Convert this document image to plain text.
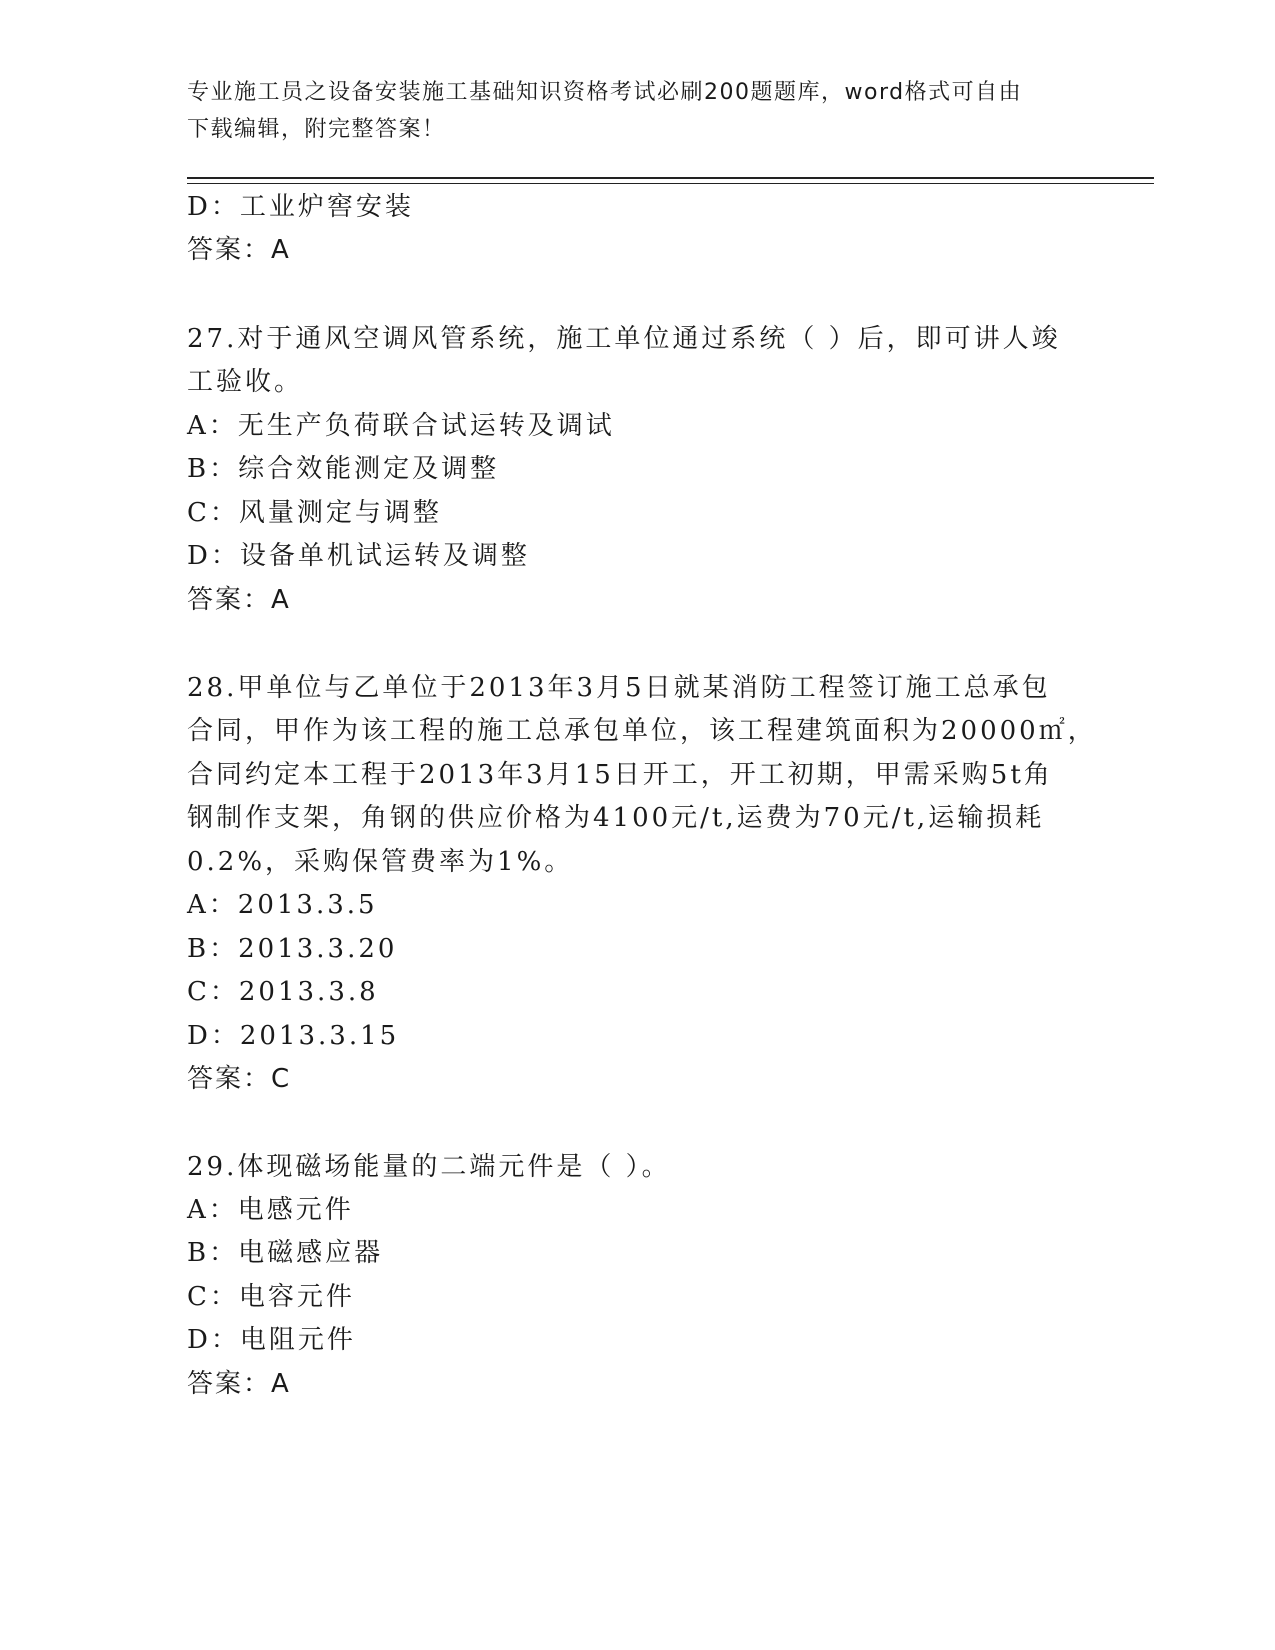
专业施工员之设备安装施工基础知识资格考试必刷200题题库，word格式可自由
下载编辑，附完整答案！
D：工业炉窖安装
答案：A
27.对于通风空调风管系统，施工单位通过系统（ ）后，即可讲人竣
工验收。
A：无生产负荷联合试运转及调试
B：综合效能测定及调整
C：风量测定与调整
D：设备单机试运转及调整
答案：A
28.甲单位与乙单位于2013年3月5日就某消防工程签订施工总承包
合同，甲作为该工程的施工总承包单位，该工程建筑面积为20000㎡，
合同约定本工程于2013年3月15日开工，开工初期，甲需采购5t角
钢制作支架，角钢的供应价格为4100元/t,运费为70元/t,运输损耗
0.2%，采购保管费率为1%。
A：2013.3.5
B：2013.3.20
C：2013.3.8
D：2013.3.15
答案：C
29.体现磁场能量的二端元件是（ ）。
A：电感元件
B：电磁感应器
C：电容元件
D：电阻元件
答案：A
